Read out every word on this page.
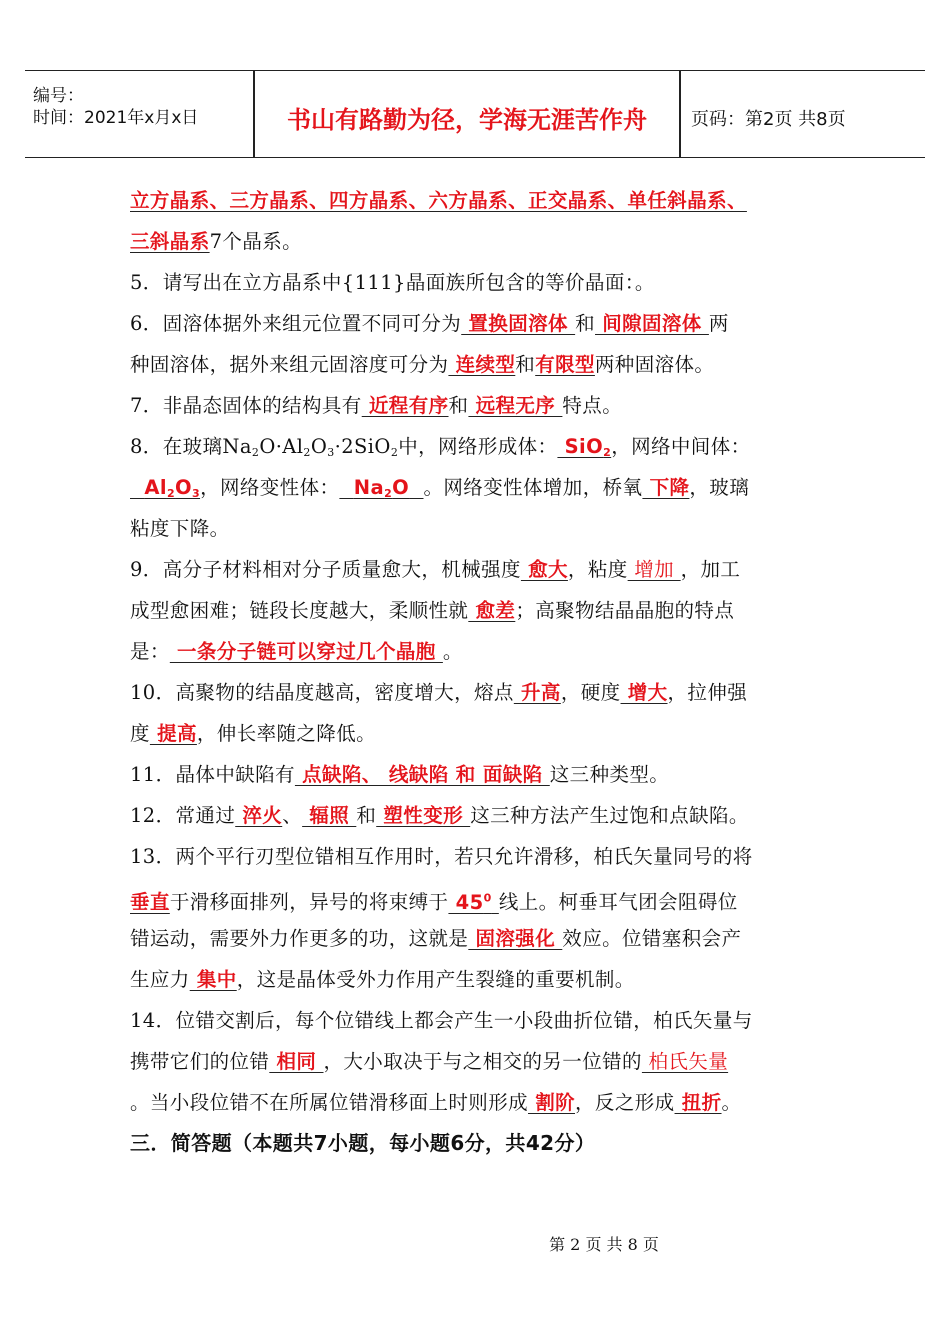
编号：
时间：2021年x月x日	书山有路勤为径，学海无涯苦作舟	页码：第2页 共8页
立方晶系、三方晶系、四方晶系、六方晶系、正交晶系、单任斜晶系、
三斜晶系7个晶系。
5．请写出在立方晶系中{111}晶面族所包含的等价晶面：。
6．固溶体据外来组元位置不同可分为 置换固溶体 和 间隙固溶体 两
种固溶体，据外来组元固溶度可分为 连续型和有限型两种固溶体。
7．非晶态固体的结构具有 近程有序和 远程无序 特点。
8．在玻璃$Na_2O\cdot Al_2O_3\cdot 2SiO_2$中，网络形成体： SiO$_2$，网络中间体：
$Al_2O_3$，网络变性体： $Na_2O$ 。网络变性体增加，桥氧 下降，玻璃
粘度下降。
9．高分子材料相对分子质量愈大，机械强度 愈大，粘度 增加 ，加工
成型愈困难；链段长度越大，柔顺性就 愈差；高聚物结晶晶胞的特点
是： 一条分子链可以穿过几个晶胞 。
10．高聚物的结晶度越高，密度增大，熔点 升高，硬度 增大，拉伸强
度 提高，伸长率随之降低。
11．晶体中缺陷有 点缺陷、 线缺陷 和 面缺陷 这三种类型。
12．常通过 淬火、 辐照 和 塑性变形 这三种方法产生过饱和点缺陷。
13．两个平行刃型位错相互作用时，若只允许滑移，柏氏矢量同号的将
垂直于滑移面排列，异号的将束缚于 $45^0$ 线上。柯垂耳气团会阻碍位
错运动，需要外力作更多的功，这就是 固溶强化 效应。位错塞积会产
生应力 集中，这是晶体受外力作用产生裂缝的重要机制。
14．位错交割后，每个位错线上都会产生一小段曲折位错，柏氏矢量与
携带它们的位错 相同 ，大小取决于与之相交的另一位错的 柏氏矢量
。当小段位错不在所属位错滑移面上时则形成 割阶，反之形成 扭折。
三．简答题（本题共7小题，每小题6分，共42分）
第 2 页 共 8 页
